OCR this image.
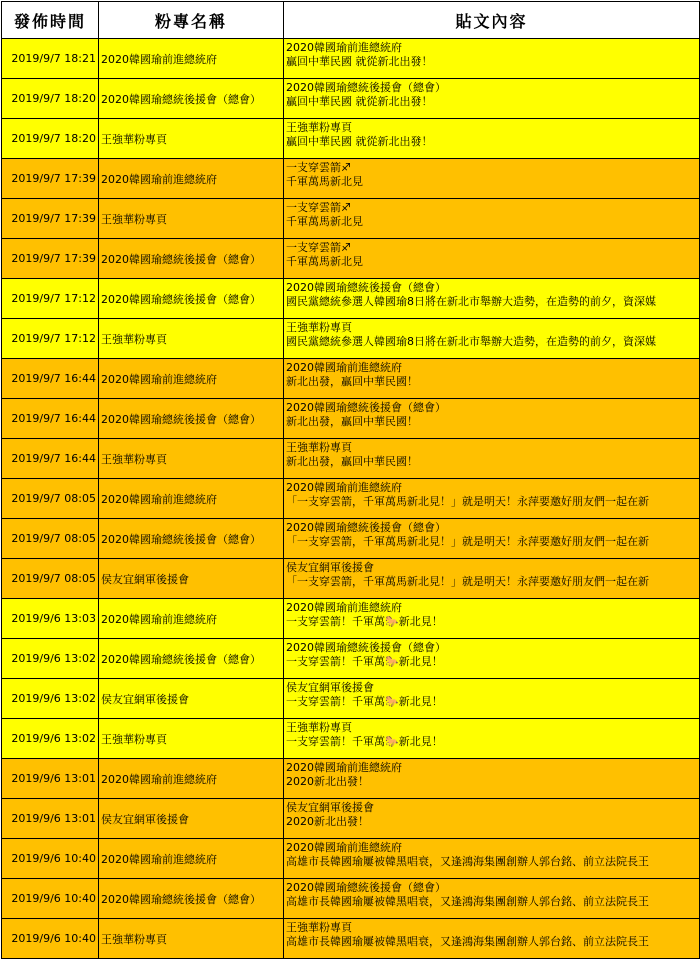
發佈時間	粉專名稱	貼文內容
2019/9/7 18:21	2020韓國瑜前進總統府	2020韓國瑜前進總統府
贏回中華民國 就從新北出發！

2019/9/7 18:20	2020韓國瑜總統後援會（總會）	2020韓國瑜總統後援會（總會）
贏回中華民國 就從新北出發！

2019/9/7 18:20	王強華粉專頁	王強華粉專頁
贏回中華民國 就從新北出發！

2019/9/7 17:39	2020韓國瑜前進總統府	一支穿雲箭♐
千軍萬馬新北見

2019/9/7 17:39	王強華粉專頁	一支穿雲箭♐
千軍萬馬新北見

2019/9/7 17:39	2020韓國瑜總統後援會（總會）	一支穿雲箭♐
千軍萬馬新北見

2019/9/7 17:12	2020韓國瑜總統後援會（總會）	2020韓國瑜總統後援會（總會）
國民黨總統參選人韓國瑜8日將在新北市舉辦大造勢，在造勢的前夕，資深媒

2019/9/7 17:12	王強華粉專頁	王強華粉專頁
國民黨總統參選人韓國瑜8日將在新北市舉辦大造勢，在造勢的前夕，資深媒

2019/9/7 16:44	2020韓國瑜前進總統府	2020韓國瑜前進總統府
新北出發，贏回中華民國！

2019/9/7 16:44	2020韓國瑜總統後援會（總會）	2020韓國瑜總統後援會（總會）
新北出發，贏回中華民國！

2019/9/7 16:44	王強華粉專頁	王強華粉專頁
新北出發，贏回中華民國！

2019/9/7 08:05	2020韓國瑜前進總統府	2020韓國瑜前進總統府
「一支穿雲箭，千軍萬馬新北見！」就是明天！永萍要邀好朋友們一起在新

2019/9/7 08:05	2020韓國瑜總統後援會（總會）	2020韓國瑜總統後援會（總會）
「一支穿雲箭，千軍萬馬新北見！」就是明天！永萍要邀好朋友們一起在新

2019/9/7 08:05	侯友宜網軍後援會	侯友宜網軍後援會
「一支穿雲箭，千軍萬馬新北見！」就是明天！永萍要邀好朋友們一起在新

2019/9/6 13:03	2020韓國瑜前進總統府	2020韓國瑜前進總統府
一支穿雲箭！千軍萬🐎新北見！

2019/9/6 13:02	2020韓國瑜總統後援會（總會）	2020韓國瑜總統後援會（總會）
一支穿雲箭！千軍萬🐎新北見！

2019/9/6 13:02	侯友宜網軍後援會	侯友宜網軍後援會
一支穿雲箭！千軍萬🐎新北見！

2019/9/6 13:02	王強華粉專頁	王強華粉專頁
一支穿雲箭！千軍萬🐎新北見！

2019/9/6 13:01	2020韓國瑜前進總統府	2020韓國瑜前進總統府
2020新北出發！

2019/9/6 13:01	侯友宜網軍後援會	侯友宜網軍後援會
2020新北出發！

2019/9/6 10:40	2020韓國瑜前進總統府	2020韓國瑜前進總統府
高雄市長韓國瑜屢被韓黑唱衰，又逢鴻海集團創辦人郭台銘、前立法院長王

2019/9/6 10:40	2020韓國瑜總統後援會（總會）	2020韓國瑜總統後援會（總會）
高雄市長韓國瑜屢被韓黑唱衰，又逢鴻海集團創辦人郭台銘、前立法院長王

2019/9/6 10:40	王強華粉專頁	王強華粉專頁
高雄市長韓國瑜屢被韓黑唱衰，又逢鴻海集團創辦人郭台銘、前立法院長王
